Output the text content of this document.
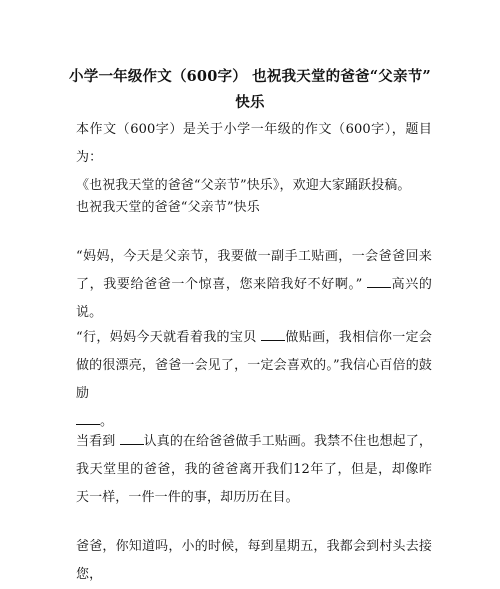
小学一年级作文（600字） 也祝我天堂的爸爸“父亲节”
快乐
本作文（600字）是关于小学一年级的作文（600字），题目为：
《也祝我天堂的爸爸“父亲节”快乐》，欢迎大家踊跃投稿。
也祝我天堂的爸爸“父亲节”快乐
“妈妈，今天是父亲节，我要做一副手工贴画，一会爸爸回来了，我要给爸爸一个惊喜，您来陪我好不好啊。” 高兴的说。
“行，妈妈今天就看着我的宝贝 做贴画，我相信你一定会做的很漂亮，爸爸一会见了，一定会喜欢的。”我信心百倍的鼓励
。
当看到 认真的在给爸爸做手工贴画。我禁不住也想起了，我天堂里的爸爸，我的爸爸离开我们12年了，但是，却像昨天一样，一件一件的事，却历历在目。
爸爸，你知道吗，小的时候，每到星期五，我都会到村头去接您，
